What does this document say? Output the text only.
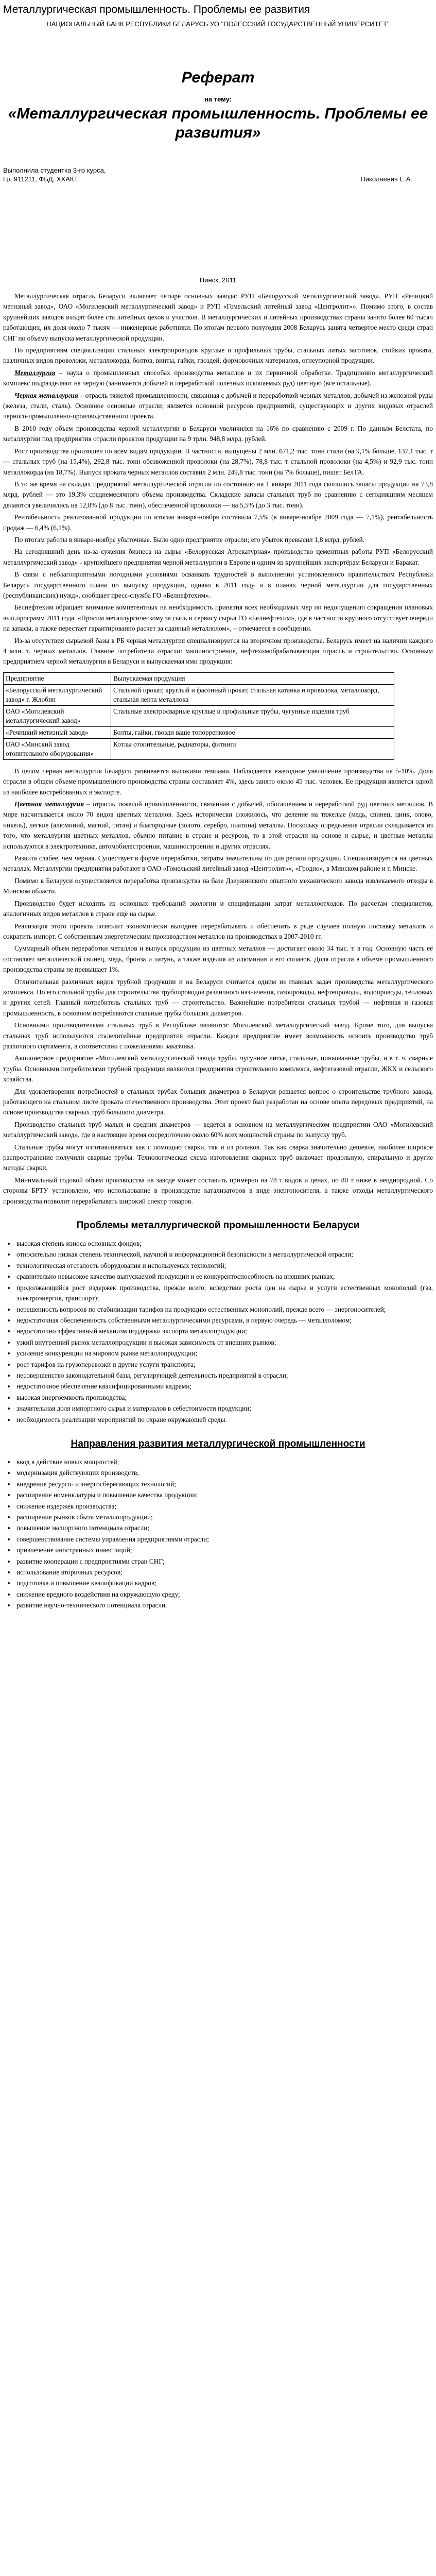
Металлургическая промышленность. Проблемы ее развития
НАЦИОНАЛЬНЫЙ БАНК РЕСПУБЛИКИ БЕЛАРУСЬ УО "ПОЛЕССКИЙ ГОСУДАРСТВЕННЫЙ УНИВЕРСИТЕТ"
Реферат
на тему:
«Металлургическая промышленность. Проблемы ее развития»
Выполнила студентка 3-го курса,
Гр. 911211, ФБД, ХХАКТ	Николаевич Е.А.
Пинск, 2011

Металлургическая отрасль Беларуси включает четыре основных завода: РУП «Белорусский металлургический завод», РУП «Речицкий метизный завод», ОАО «Могилевский металлургический завод» и РУП «Гомельский литейный завод «Центролит»». Помимо этого, в состав крупнейших заводов входят более ста литейных цехов и участков. В металлургических и литейных производствах страны занято более 60 тысяч работающих, их доля около 7 тысяч — инженерные работники. По итогам первого полугодия 2008 Беларусь занята четвертое место среди стран СНГ по объему выпуска металлургической продукции.

По предприятиям специализации стальных электропроводов круглые и профильных трубы, стальных литых заготовок, стойких проката, различных видов проволоки, металлокорда, болтов, винты, гайки, гвоздей, формовочных материалов, огнеупорной продукции.

Металлургия – наука о промышленных способах производства металлов и их первичной обработке. Традиционно металлургический комплекс подразделяют на черную (занимается добычей и переработкой полезных ископаемых руд) цветную (все остальные).

Черная металлургия – отрасль тяжелой промышленности, связанная с добычей и переработкой черных металлов, добычей из железной руды (железа, стали, сталь). Основное основные отрасли; является основной ресурсов предприятий, существующих и других видовых отраслей черного-промышленно-производственного проекта.

В 2010 году объем производства черной металлургии в Беларуси увеличился на 16% по сравнению с 2009 г. По данным Белстата, по металлургии под предприятия отрасли проектов продукции на 9 трлн. 948,8 млрд. рублей.

Рост производства произошел по всем видам продукции. В частности, выпущены 2 млн. 671,2 тыс. тонн стали (на 9,1% больше, 137,1 тыс. т — стальных труб (на 15,4%), 292,8 тыс. тонн обезвоженной проволоки (на 28,7%), 78,8 тыс. т стальной проволоки (на 4,5%) и 92,9 тыс. тонн металлокорда (на 18,7%). Выпуск проката черных металлов составил 2 млн. 249,8 тыс. тонн (на 7% больше), пишет БелТА.

В то же время на складах предприятий металлургической отрасли по состоянию на 1 января 2011 года скопились запасы продукции на 73,8 млрд. рублей — это 19,3% среднемесячного объема производства. Складские запасы стальных труб по сравнению с сегодняшним месяцем делаются увеличились на 12,8% (до 8 тыс. тонн), обеспеченной проволоки — на 5,5% (до 3 тыс. тонн).

Рентабельность реализованной продукции по итогам января-ноября составила 7,5% (в январе-ноябре 2009 года — 7,1%), рентабельность продаж — 6,4% (6,1%).

По итогам работы в январе-ноябре убыточные. Было одно предприятие отрасли; его убыток превысил 1,8 млрд. рублей.

На сегодняшний день из-за сужения бизнеса на сырье «Белорусская Агрекатурная» производство цементных работы РУП «Белорусский металлургический завод» - крупнейшего предприятия черной металлургии в Европе и одним из крупнейших экспортёрам Беларуси и Баракат.

В связи с неблагоприятными погодными условиями осваивать трудностей в выполнении установленного правительством Республики Беларусь государственного плана по выпуску продукции, однако в 2011 году и в планах черной металлургии для государственных (республиканских) нужд», сообщает пресс-служба ГО «Белнефтехим».

Белнефтехим обращает внимание компетентных на необходимость принятия всех необходимых мер по недопущению сокращения плановых вып.программ 2011 года. «Просим металлургическому за сыпь и сервису сырья ГО «Белнефтехим», где в частности крупного отсутствует очереди на запасы, а также перестает гарантированно расчет за сданный металлолом», – отмечается в сообщении.

Из-за отсутствия сырьевой базы в РБ черная металлургия специализируется на вторичном производстве. Беларусь имеет на наличии каждого 4 млн. т. черных металлов. Главное потребители отрасли: машиностроение, нефтехимобрабатывающая отрасль и строительство. Основным предприятием черной металлургии в Беларуси и выпускаемая ими продукция:

Предприятие	Выпускаемая продукция
«Белорусский металлургический завод» г. Жлобин	Стальной прокат, круглый и фасонный прокат, стальная катанка и проволока, металлокорд, стальная лента металлока
ОАО «Могилевский металлургический завод»	Стальные электросварные круглые и профильные трубы, чугунные изделия труб
«Речицкий метизный завод»	Болты, гайки, гвозди ваше топорренковое
ОАО «Минский завод отопительного оборудования»	Котлы отопительные, радиаторы, фитинги

В целом черная металлургия Беларуси развивается высокими темпами. Наблюдается ежегодное увеличение производства на 5-10%. Доля отрасли в общем объеме промышленного производства страны составляет 4%, здесь занято около 45 тыс. человек. Ее продукция является одной из наиболее востребованных в экспорте.

Цветная металлургия – отрасль тяжелой промышленности, связанная с добычей, обогащением и переработкой руд цветных металлов. В мире насчитывается около 70 видов цветных металлов. Здесь исторически сложилось, что деление на тяжелые (медь, свинец, цинк, олово, никель), легкие (алюминий, магний, титан) и благородные (золото, серебро, платина) металлы. Поскольку определение отрасли складывается из того, что металлургия цветных металлов, обычно питание в стране и ресурсов, то в этой отрасли на основе и сырье, и цветные металлы используются в электротехнике, автомобилестроении, машиностроении и других отраслях.

Развита слабее, чем черная. Существует в форме переработки, затраты значительны по для регион продукции. Специализируется на цветных металлах. Металлургии предприятия работают в ОАО «Гомельский литейный завод «Центролит»», «Гродно», в Минском районе и г. Минске.

Помимо в Беларуси осуществляется переработка производства на базе Дзержинского опытного механического завода извлекаемого отходы в Минском области.

Производство будет исходить из основных требований экологии и спецификации затрат металлоотходов. По расчетам специалистов, аналогичных видов металлов в стране ещё на сырье.

Реализация этого проекта позволит экономически выгоднее перерабатывать и обеспечить в ряде случаев полную поставку металлов и сократить импорт. С собственным энергетическим производством металлов на производствах в 2007-2010 гг.

Суммарный объем переработки металлов и выпуск продукции из цветных металлов — достигает около 34 тыс. т. в год. Основную часть её составляет металлический свинец, медь, бронза и латунь, а также изделия из алюминия и его сплавов. Доля отрасли в объеме промышленного производства страны не превышает 1%.

Отличительная различных видов трубной продукции и на Беларуси считается одним из главных задач производства металлургического комплекса. По его стальной трубы для строительства трубопроводов различного назначения, газопроводы, нефтепроводы, водопроводы, тепловых и других сетей. Главный потребитель стальных труб — строительство. Важнейшие потребители стальных трубой — нефтяная и газовая промышленность, в основном потребляются стальные трубы больших диаметров.

Основными производителями стальных труб в Республике являются: Могилевский металлургический завод. Кроме того, для выпуска стальных труб используются сталелитейные предприятия отрасли. Каждое предприятие имеет возможность освоить производство труб различного сортамента, в соответствии с пожеланиями заказчика.

Акционерное предприятие «Могилевский металлургический завод» трубы, чугунное литье, стальные, цинкованные трубы, и в т. ч. сварные трубы. Основными потребителями трубной продукции являются предприятия строительного комплекса, нефтегазовой отрасли, ЖКХ и сельского хозяйства.

Для удовлетворения потребностей в стальных трубах больших диаметров в Беларуси решается вопрос о строительстве трубного завода, работающего на стальном листе проката отечественного производства. Этот проект был разработан на основе опыта передовых предприятий, на основе производства сварных труб большого диаметра.

Производство стальных труб малых и средних диаметров — ведется в основном на металлургическом предприятии ОАО «Могилевский металлургический завод», где в настоящее время сосредоточено около 60% всех мощностей страны по выпуску труб.

Стальные трубы могут изготавливаться как с помощью сварки, так и из роликов. Так как сварка значительно дешевле, наиболее широкое распространение получили сварные трубы. Технологическая схема изготовления сварных труб включает продольную, спиральную и другие методы сварки.

Минимальный годовой объем производства на заводе может составить примерно на 78 т видов и ценах, по 80 т ниже в неоднородной. Со стороны БРТУ установлено, что использование в производстве катализаторов в виде энергоносителя, а также отходы металлургического производства позволит перерабатывать широкий спектр товаров.

Проблемы металлургической промышленности Беларуси
• высокая степень износа основных фондов;
• относительно низкая степень технической, научной и информационной безопасности в металлургической отрасли;
• технологическая отсталость оборудования и используемых технологий;
• сравнительно невысокое качество выпускаемой продукции и ее конкурентоспособность на внешних рынках;
• продолжающийся рост издержек производства, прежде всего, вследствие роста цен на сырье и услуги естественных монополий (газ, электроэнергия, транспорт);
• нерешенность вопросов по стабилизации тарифов на продукцию естественных монополий, прежде всего — энергоносителей;
• недостаточная обеспеченность собственными металлургическими ресурсами, в первую очередь — металлоломом;
• недостаточно эффективный механизм поддержки экспорта металлопродукции;
• узкий внутренний рынок металлопродукции и высокая зависимость от внешних рынков;
• усиление конкуренции на мировом рынке металлопродукции;
• рост тарифов на грузоперевозки и другие услуги транспорта;
• несовершенство законодательной базы, регулирующей деятельность предприятий в отрасли;
• недостаточное обеспечение квалифицированными кадрами;
• высокая энергоемкость производства;
• значительная доля импортного сырья и материалов в себестоимости продукции;
• необходимость реализации мероприятий по охране окружающей среды.
Направления развития металлургической промышленности
• ввод в действие новых мощностей;
• модернизация действующих производств;
• внедрение ресурсо- и энергосберегающих технологий;
• расширение номенклатуры и повышение качества продукции;
• снижение издержек производства;
• расширение рынков сбыта металлопродукции;
• повышение экспортного потенциала отрасли;
• совершенствование системы управления предприятиями отрасли;
• привлечение иностранных инвестиций;
• развитие кооперации с предприятиями стран СНГ;
• использование вторичных ресурсов;
• подготовка и повышение квалификации кадров;
• снижение вредного воздействия на окружающую среду;
• развитие научно-технического потенциала отрасли.
